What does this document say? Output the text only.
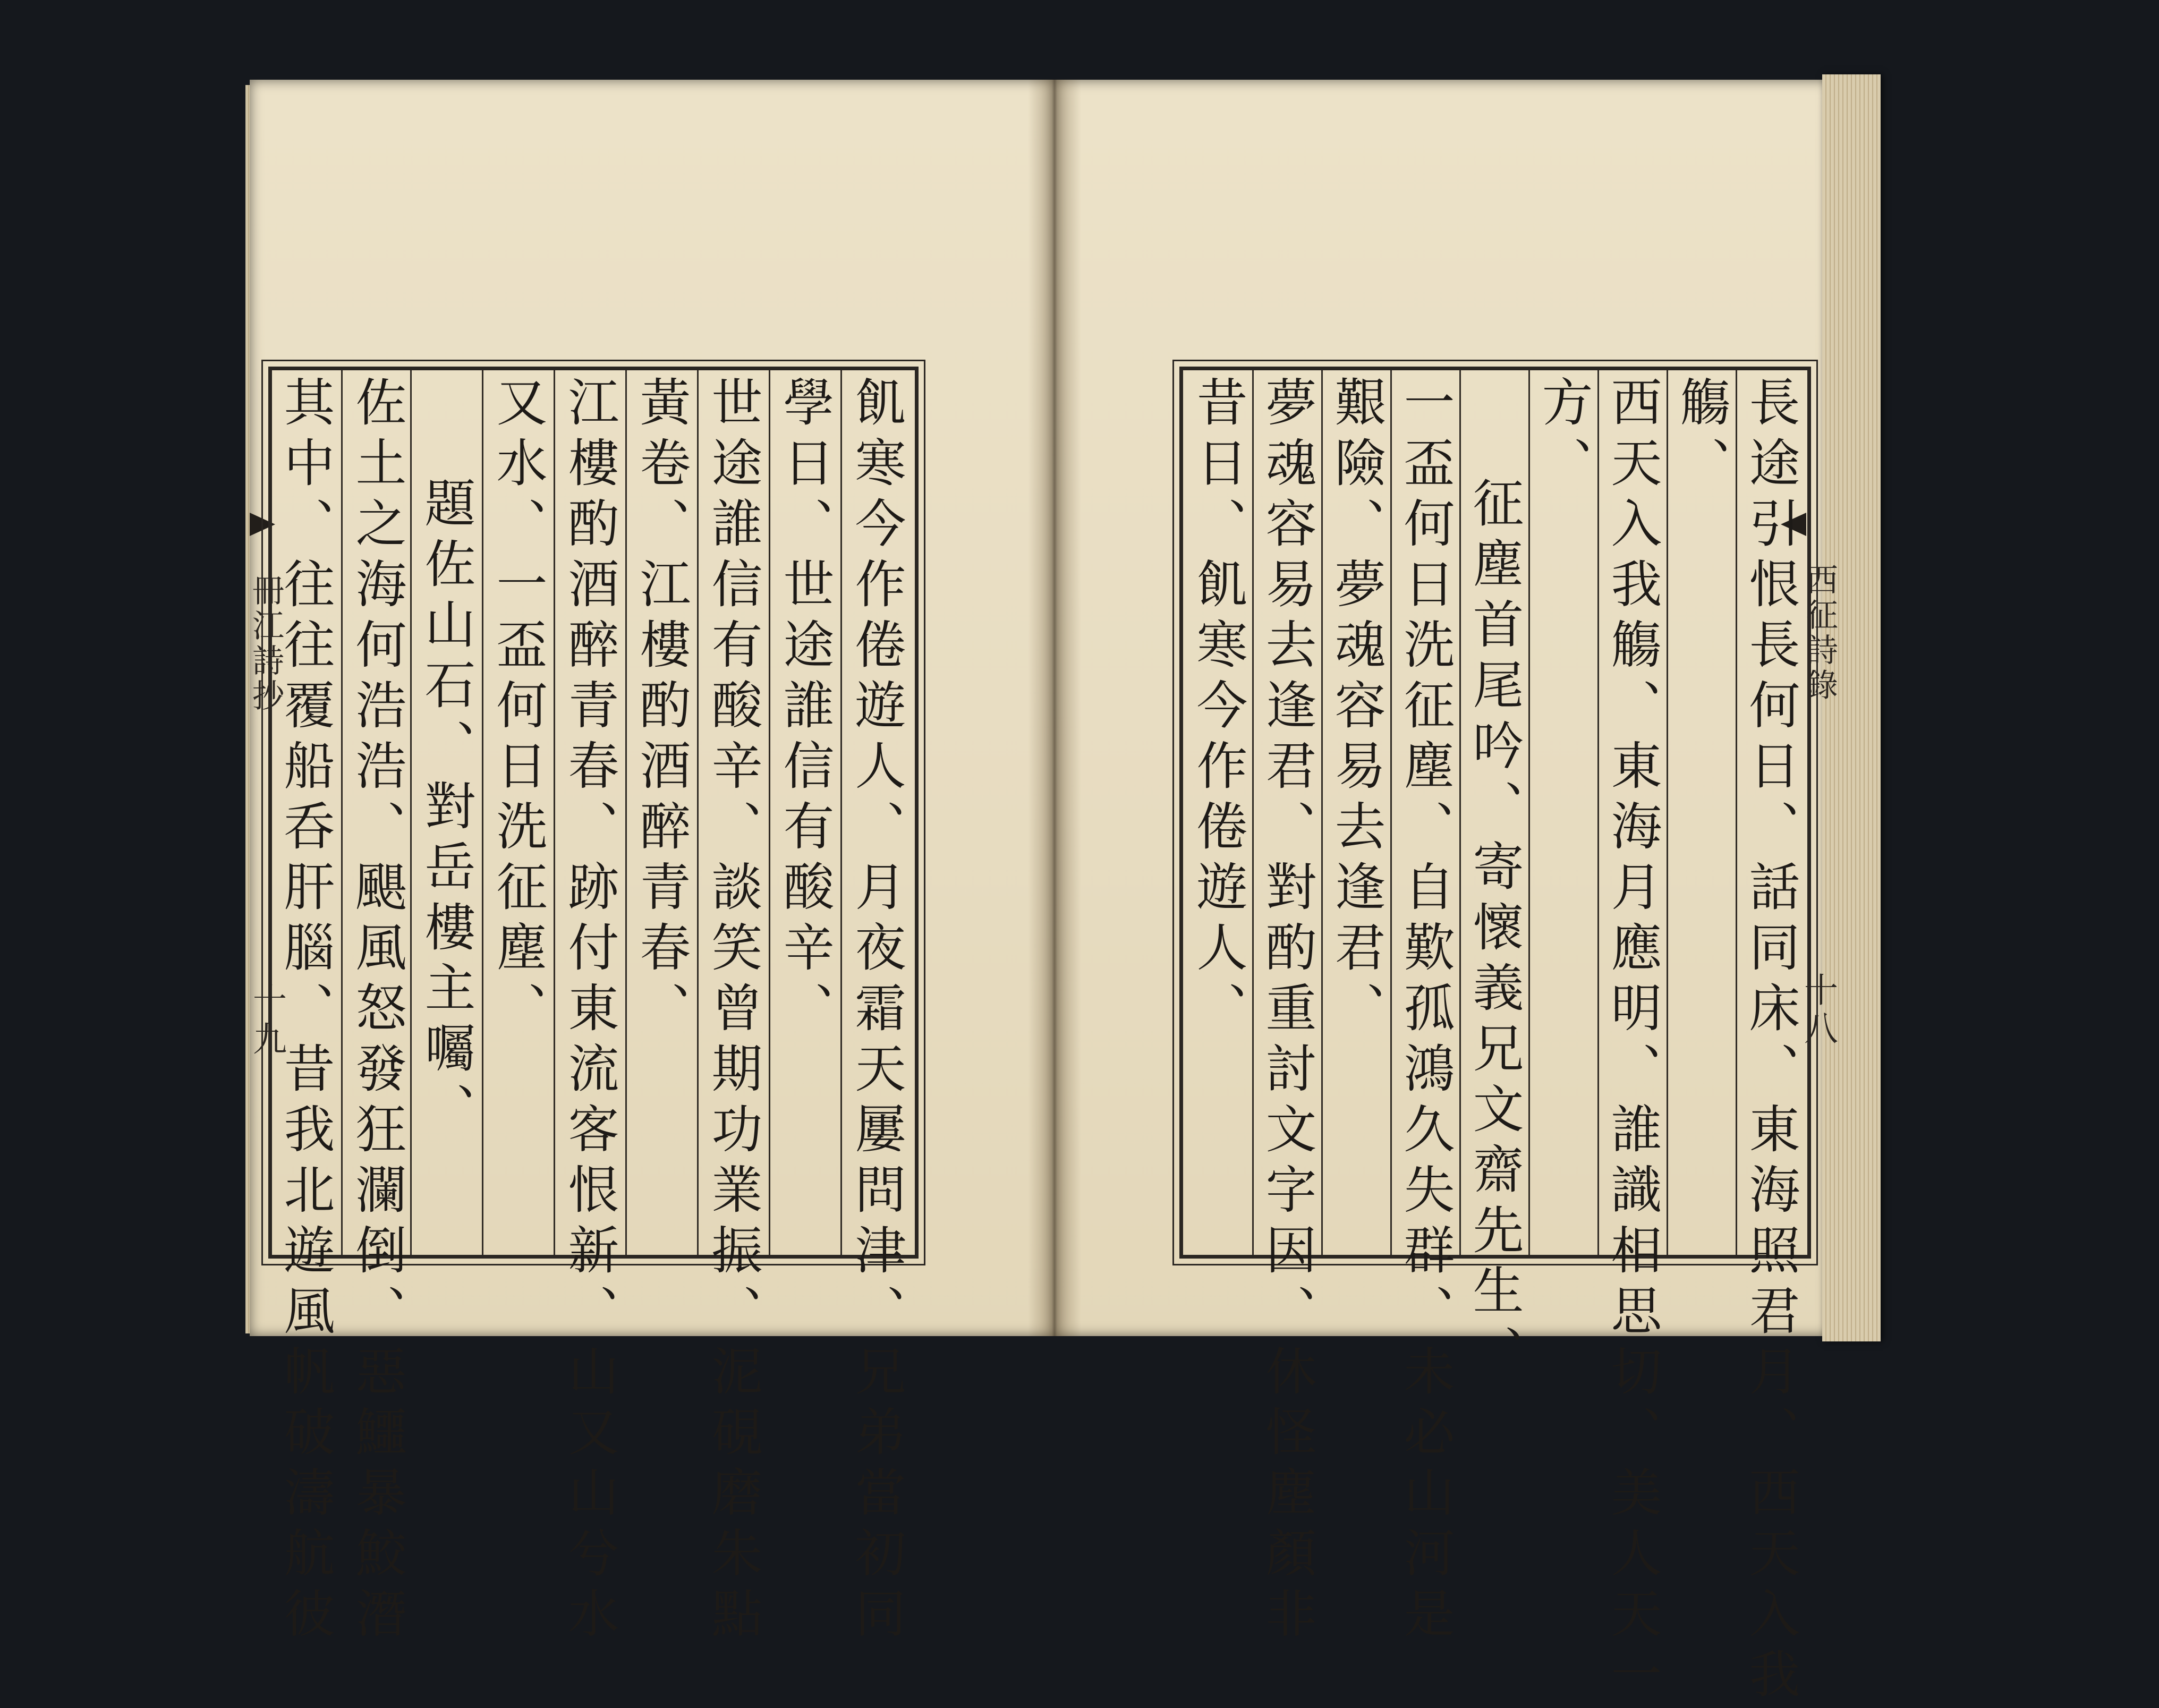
冊江詩抄
十九
西征詩錄
十八
飢寒今作倦遊人、月夜霜天屢問津、兄弟當初同
學日、世途誰信有酸辛、
世途誰信有酸辛、談笑曾期功業振、泥硯磨朱點
黃卷、江樓酌酒醉青春、
江樓酌酒醉青春、跡付東流客恨新、山又山兮水
又水、一盃何日洗征塵、
題佐山石、對岳樓主囑、
佐土之海何浩浩、颶風怒發狂瀾倒、惡鱷暴鮫潛
其中、往往覆船呑肝腦、昔我北遊風帆破濤航彼	長途引恨長何日、話同床、東海照君月、西天入我
觴、
西天入我觴、東海月應明、誰識相思切、美人天一
方、
征塵首尾吟、寄懷義兄文齋先生、
一盃何日洗征塵、自歎孤鴻久失群、未必山河是
艱險、夢魂容易去逢君、
夢魂容易去逢君、對酌重討文字因、休怪塵顏非
昔日、飢寒今作倦遊人、
